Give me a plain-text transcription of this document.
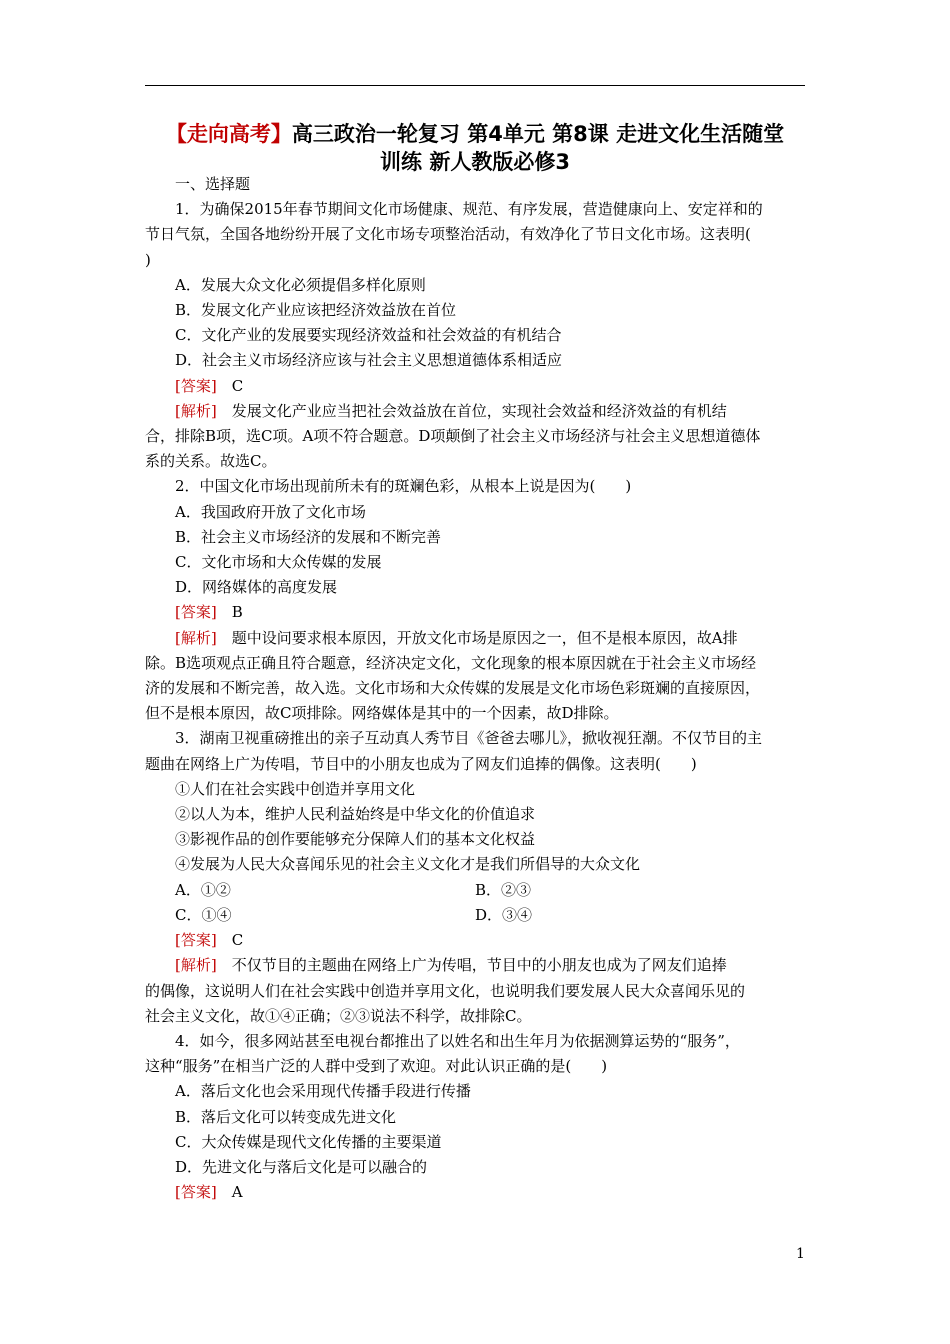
【走向高考】高三政治一轮复习 第4单元 第8课 走进文化生活随堂
训练 新人教版必修3

一、选择题

1．为确保2015年春节期间文化市场健康、规范、有序发展，营造健康向上、安定祥和的

节日气氛，全国各地纷纷开展了文化市场专项整治活动，有效净化了节日文化市场。这表明(

)

A．发展大众文化必须提倡多样化原则

B．发展文化产业应该把经济效益放在首位

C．文化产业的发展要实现经济效益和社会效益的有机结合

D．社会主义市场经济应该与社会主义思想道德体系相适应

[答案]　 C

[解析]　 发展文化产业应当把社会效益放在首位，实现社会效益和经济效益的有机结

合，排除B项，选C项。A项不符合题意。D项颠倒了社会主义市场经济与社会主义思想道德体

系的关系。故选C。

2．中国文化市场出现前所未有的斑斓色彩，从根本上说是因为(　　)

A．我国政府开放了文化市场

B．社会主义市场经济的发展和不断完善

C．文化市场和大众传媒的发展

D．网络媒体的高度发展

[答案]　 B

[解析]　 题中设问要求根本原因，开放文化市场是原因之一，但不是根本原因，故A排

除。B选项观点正确且符合题意，经济决定文化，文化现象的根本原因就在于社会主义市场经

济的发展和不断完善，故入选。文化市场和大众传媒的发展是文化市场色彩斑斓的直接原因，

但不是根本原因，故C项排除。网络媒体是其中的一个因素，故D排除。

3．湖南卫视重磅推出的亲子互动真人秀节目《爸爸去哪儿》，掀收视狂潮。不仅节目的主

题曲在网络上广为传唱，节目中的小朋友也成为了网友们追捧的偶像。这表明(　　)

①人们在社会实践中创造并享用文化

②以人为本，维护人民利益始终是中华文化的价值追求

③影视作品的创作要能够充分保障人们的基本文化权益

④发展为人民大众喜闻乐见的社会主义文化才是我们所倡导的大众文化

A．①②	B．②③
C．①④	D．③④

[答案]　 C

[解析]　 不仅节目的主题曲在网络上广为传唱，节目中的小朋友也成为了网友们追捧

的偶像，这说明人们在社会实践中创造并享用文化，也说明我们要发展人民大众喜闻乐见的

社会主义文化，故①④正确；②③说法不科学，故排除C。

4．如今，很多网站甚至电视台都推出了以姓名和出生年月为依据测算运势的“服务”，

这种“服务”在相当广泛的人群中受到了欢迎。对此认识正确的是(　　)

A．落后文化也会采用现代传播手段进行传播

B．落后文化可以转变成先进文化

C．大众传媒是现代文化传播的主要渠道

D．先进文化与落后文化是可以融合的

[答案]　 A

1
